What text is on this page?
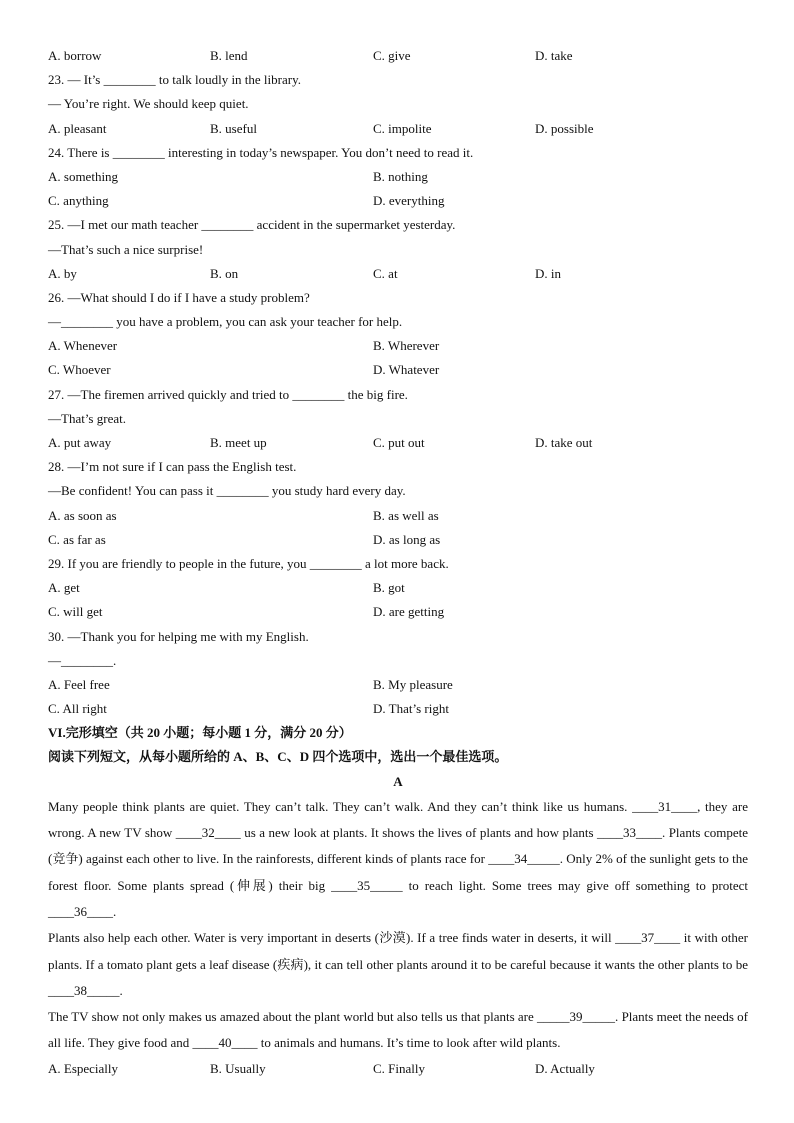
A. borrow	B. lend	C. give	D. take
23. — It’s ________ to talk loudly in the library.
— You’re right. We should keep quiet.
A. pleasant	B. useful	C. impolite	D. possible
24. There is ________ interesting in today’s newspaper. You don’t need to read it.
A. something	B. nothing
C. anything	D. everything
25. —I met our math teacher ________ accident in the supermarket yesterday.
—That’s such a nice surprise!
A. by	B. on	C. at	D. in
26. —What should I do if I have a study problem?
—________ you have a problem, you can ask your teacher for help.
A. Whenever	B. Wherever
C. Whoever	D. Whatever
27. —The firemen arrived quickly and tried to ________ the big fire.
—That’s great.
A. put away	B. meet up	C. put out	D. take out
28. —I’m not sure if I can pass the English test.
—Be confident! You can pass it ________ you study hard every day.
A. as soon as	B. as well as
C. as far as	D. as long as
29. If you are friendly to people in the future, you ________ a lot more back.
A. get	B. got
C. will get	D. are getting
30. —Thank you for helping me with my English.
—________.
A. Feel free	B. My pleasure
C. All right	D. That’s right
VI.完形填空（共 20 小题；每小题 1 分，满分 20 分）
阅读下列短文，从每小题所给的 A、B、C、D 四个选项中，选出一个最佳选项。
A
Many people think plants are quiet. They can’t talk. They can’t walk. And they can’t think like us humans. ____31____, they are wrong. A new TV show ____32____ us a new look at plants. It shows the lives of plants and how plants ____33____. Plants compete (竞争) against each other to live. In the rainforests, different kinds of plants race for ____34_____. Only 2% of the sunlight gets to the forest floor. Some plants spread (伸展) their big ____35_____ to reach light. Some trees may give off something to protect ____36____.
Plants also help each other. Water is very important in deserts (沙漠). If a tree finds water in deserts, it will ____37____ it with other plants. If a tomato plant gets a leaf disease (疾病), it can tell other plants around it to be careful because it wants the other plants to be ____38_____.
The TV show not only makes us amazed about the plant world but also tells us that plants are _____39_____. Plants meet the needs of all life. They give food and ____40____ to animals and humans. It’s time to look after wild plants.
A. Especially	B. Usually	C. Finally	D. Actually
